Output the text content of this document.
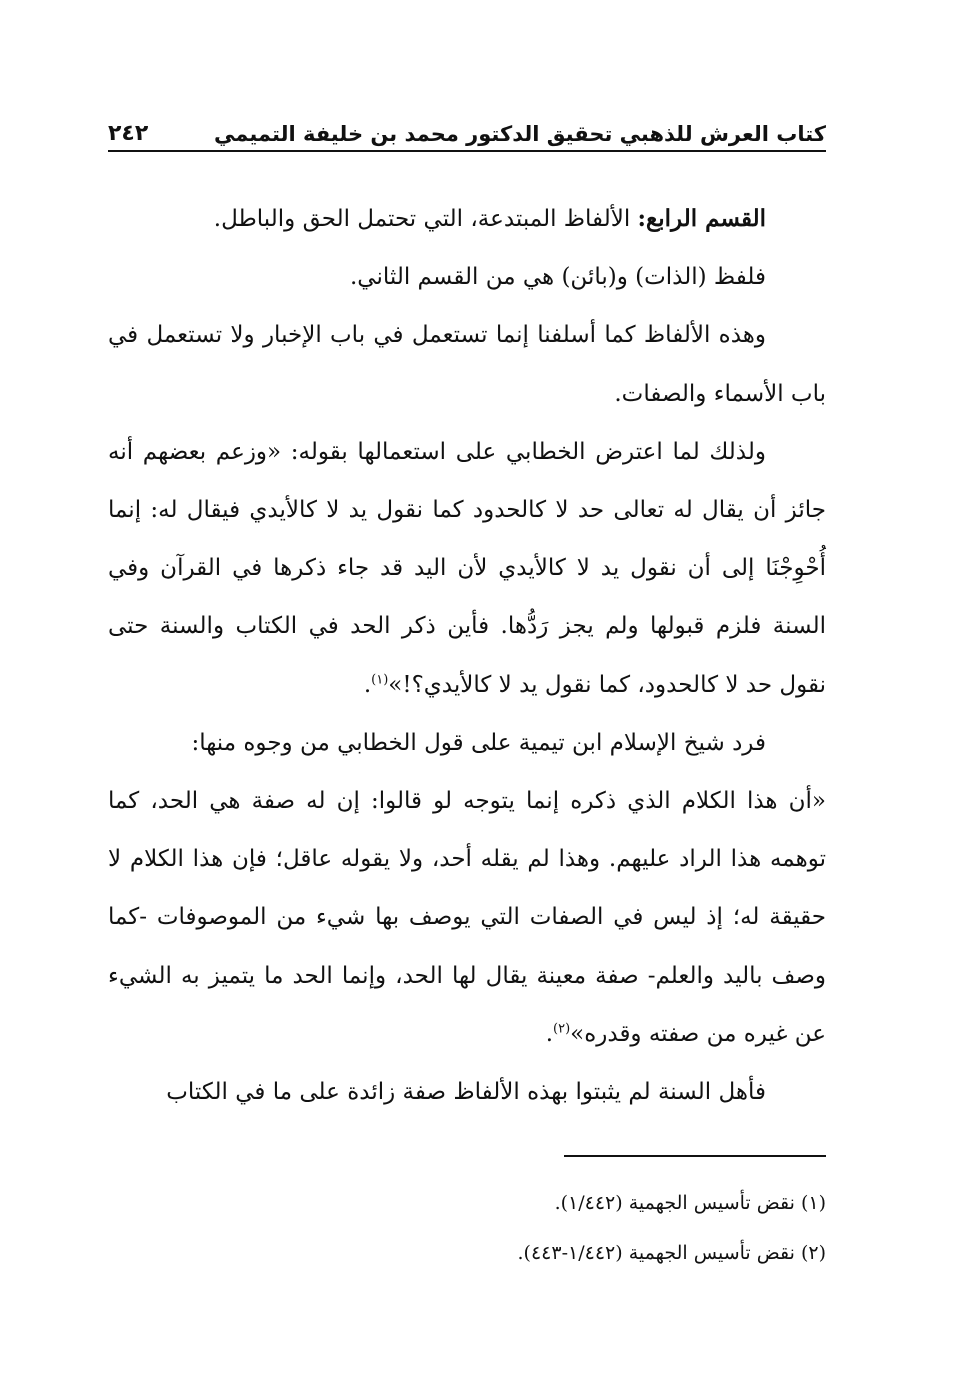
كتاب العرش للذهبي تحقيق الدكتور محمد بن خليفة التميمي
٢٤٢

القسم الرابع: الألفاظ المبتدعة، التي تحتمل الحق والباطل.

فلفظ (الذات) و(بائن) هي من القسم الثاني.

وهذه الألفاظ كما أسلفنا إنما تستعمل في باب الإخبار ولا تستعمل في باب الأسماء والصفات.

ولذلك لما اعترض الخطابي على استعمالها بقوله: «وزعم بعضهم أنه جائز أن يقال له تعالى حد لا كالحدود كما نقول يد لا كالأيدي فيقال له: إنما أُحْوِجْنَا إلى أن نقول يد لا كالأيدي لأن اليد قد جاء ذكرها في القرآن وفي السنة فلزم قبولها ولم يجز رَدُّها. فأين ذكر الحد في الكتاب والسنة حتى نقول حد لا كالحدود، كما نقول يد لا كالأيدي؟!»$^{(١)}$.

فرد شيخ الإسلام ابن تيمية على قول الخطابي من وجوه منها:

«أن هذا الكلام الذي ذكره إنما يتوجه لو قالوا: إن له صفة هي الحد، كما توهمه هذا الراد عليهم. وهذا لم يقله أحد، ولا يقوله عاقل؛ فإن هذا الكلام لا حقيقة له؛ إذ ليس في الصفات التي يوصف بها شيء من الموصوفات -كما وصف باليد والعلم- صفة معينة يقال لها الحد، وإنما الحد ما يتميز به الشيء عن غيره من صفته وقدره»$^{(٢)}$.

فأهل السنة لم يثبتوا بهذه الألفاظ صفة زائدة على ما في الكتاب

(١) نقض تأسيس الجهمية (١/٤٤٢).

(٢) نقض تأسيس الجهمية (١/٤٤٢-٤٤٣).
